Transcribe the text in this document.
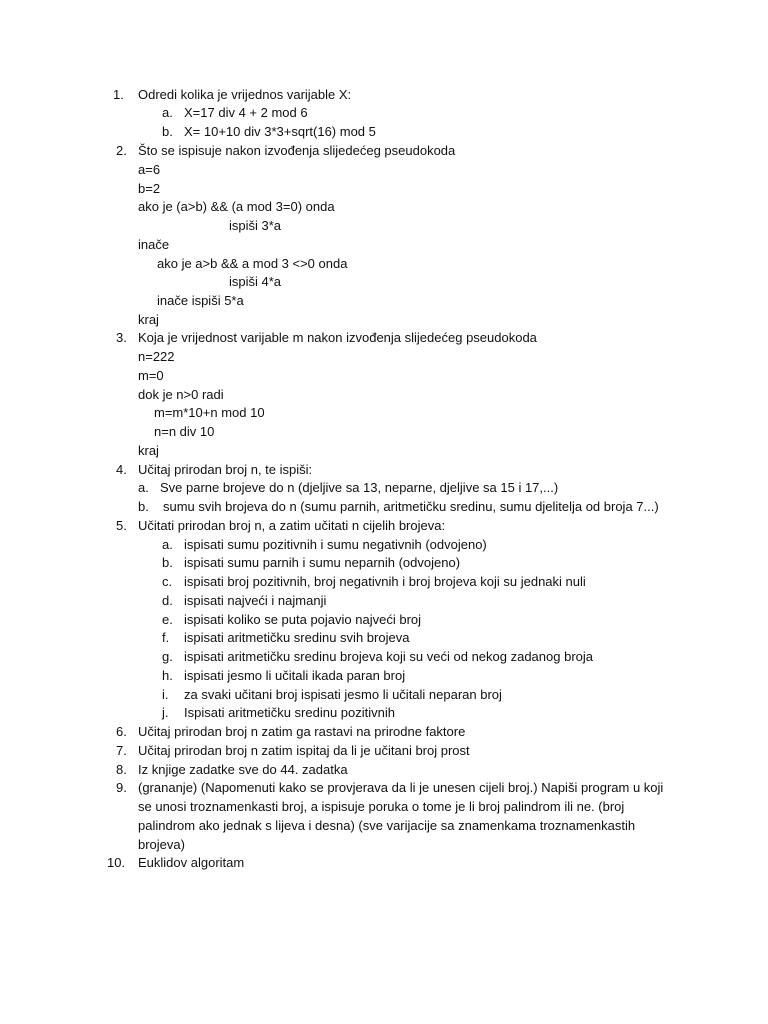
1. Odredi kolika je vrijednos varijable X:
a. X=17 div 4 + 2 mod 6
b. X= 10+10 div 3*3+sqrt(16) mod 5
2. Što se ispisuje nakon izvođenja slijedećeg pseudokoda
a=6
b=2
ako je (a>b) && (a mod 3=0) onda
ispiši 3*a
inače
ako je a>b && a mod 3 <>0 onda
ispiši 4*a
inače ispiši 5*a
kraj
3. Koja je vrijednost varijable m nakon izvođenja slijedećeg pseudokoda
n=222
m=0
dok je n>0 radi
m=m*10+n mod 10
n=n div 10
kraj
4. Učitaj prirodan broj n, te ispiši:
a. Sve parne brojeve do n (djeljive sa 13, neparne, djeljive sa 15 i 17,...)
b. sumu svih brojeva do n (sumu parnih, aritmetičku sredinu, sumu djelitelja od broja 7...)
5. Učitati prirodan broj n, a zatim učitati n cijelih brojeva:
a. ispisati sumu pozitivnih i sumu negativnih (odvojeno)
b. ispisati sumu parnih i sumu neparnih (odvojeno)
c. ispisati broj pozitivnih, broj negativnih i broj brojeva koji su jednaki nuli
d. ispisati najveći i najmanji
e. ispisati koliko se puta pojavio najveći broj
f. ispisati aritmetičku sredinu svih brojeva
g. ispisati aritmetičku sredinu brojeva koji su veći od nekog zadanog broja
h. ispisati jesmo li učitali ikada paran broj
i. za svaki učitani broj ispisati jesmo li učitali neparan broj
j. Ispisati aritmetičku sredinu pozitivnih
6. Učitaj prirodan broj n zatim ga rastavi na prirodne faktore
7. Učitaj prirodan broj n zatim ispitaj da li je učitani broj prost
8. Iz knjige zadatke sve do 44. zadatka
9. (grananje) (Napomenuti kako se provjerava da li je unesen cijeli broj.) Napiši program u koji
se unosi troznamenkasti broj, a ispisuje poruka o tome je li broj palindrom ili ne. (broj
palindrom ako jednak s lijeva i desna) (sve varijacije sa znamenkama troznamenkastih
brojeva)
10. Euklidov algoritam
